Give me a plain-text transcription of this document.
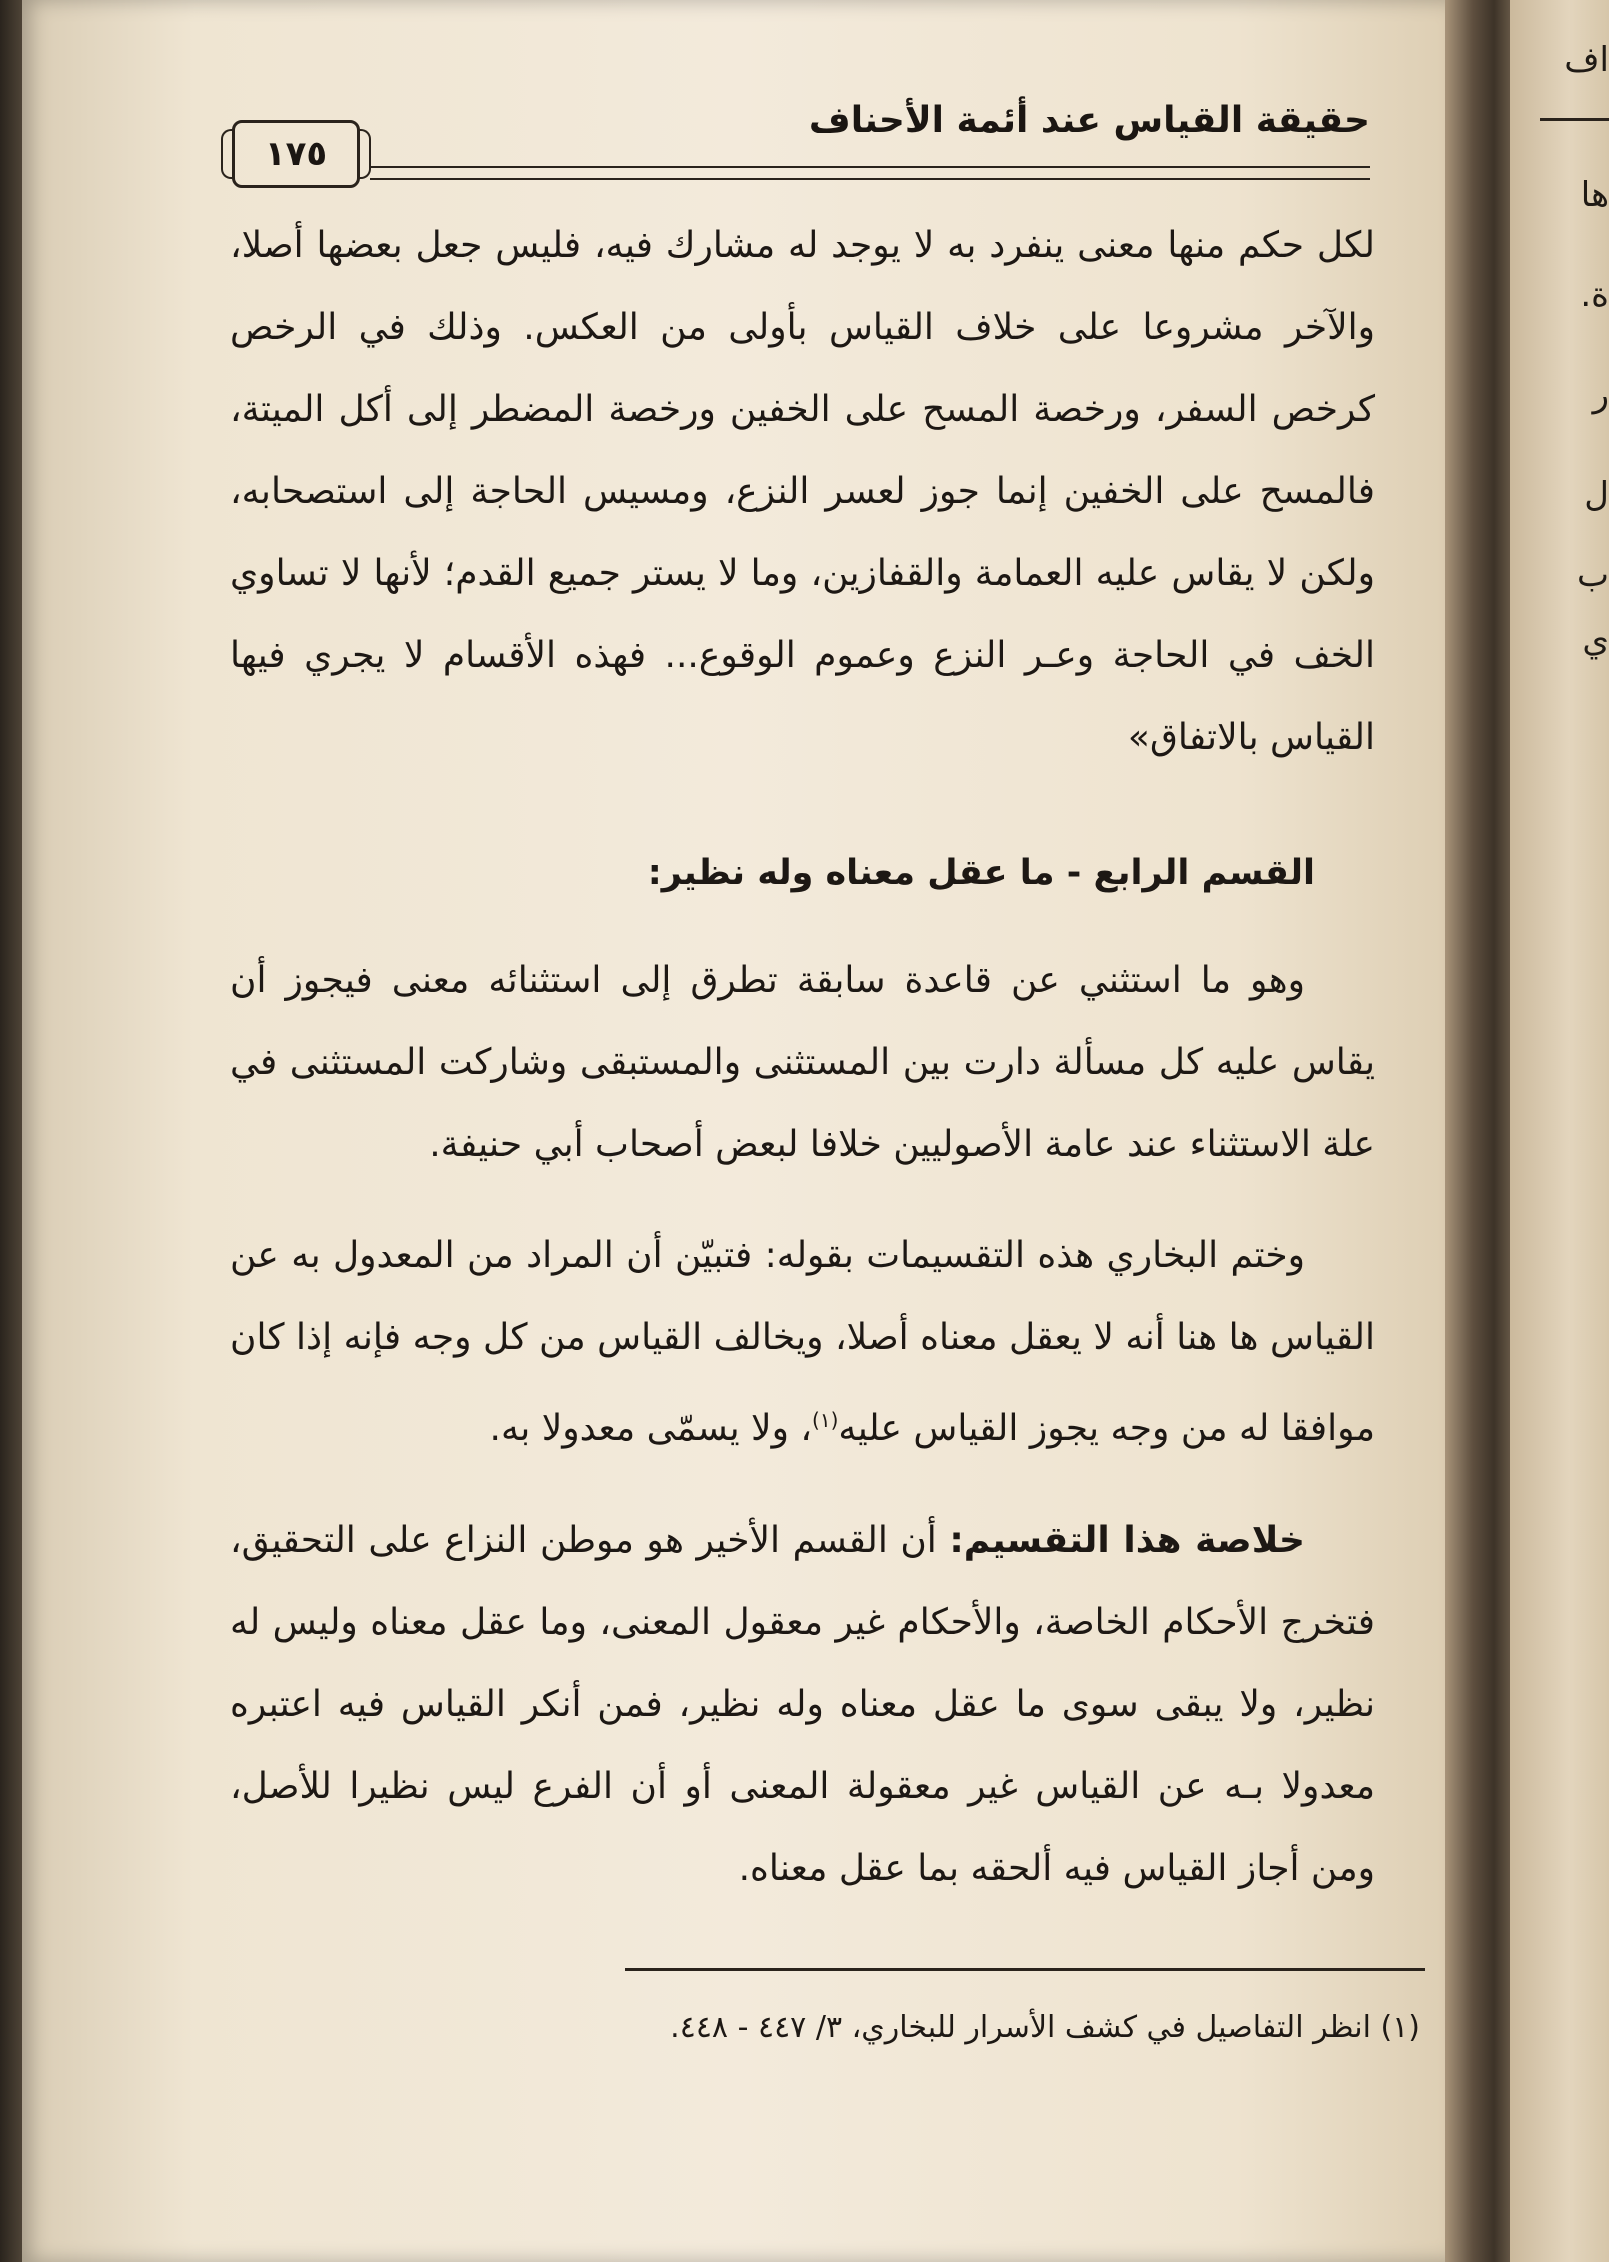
اف
ها
ة.
ر
ل
ب
ي
حقيقة القياس عند أئمة الأحناف
١٧٥

لكل حكم منها معنى ينفرد به لا يوجد له مشارك فيه، فليس جعل بعضها أصلا، والآخر مشروعا على خلاف القياس بأولى من العكس. وذلك في الرخص كرخص السفر، ورخصة المسح على الخفين ورخصة المضطر إلى أكل الميتة، فالمسح على الخفين إنما جوز لعسر النزع، ومسيس الحاجة إلى استصحابه، ولكن لا يقاس عليه العمامة والقفازين، وما لا يستر جميع القدم؛ لأنها لا تساوي الخف في الحاجة وعـر النزع وعموم الوقوع... فهذه الأقسام لا يجري فيها القياس بالاتفاق»

القسم الرابع - ما عقل معناه وله نظير:

وهو ما استثني عن قاعدة سابقة تطرق إلى استثنائه معنى فيجوز أن يقاس عليه كل مسألة دارت بين المستثنى والمستبقى وشاركت المستثنى في علة الاستثناء عند عامة الأصوليين خلافا لبعض أصحاب أبي حنيفة.

وختم البخاري هذه التقسيمات بقوله: فتبيّن أن المراد من المعدول به عن القياس ها هنا أنه لا يعقل معناه أصلا، ويخالف القياس من كل وجه فإنه إذا كان موافقا له من وجه يجوز القياس عليه$^{(١)}$، ولا يسمّى معدولا به.

خلاصة هذا التقسيم: أن القسم الأخير هو موطن النزاع على التحقيق، فتخرج الأحكام الخاصة، والأحكام غير معقول المعنى، وما عقل معناه وليس له نظير، ولا يبقى سوى ما عقل معناه وله نظير، فمن أنكر القياس فيه اعتبره معدولا بـه عن القياس غير معقولة المعنى أو أن الفرع ليس نظيرا للأصل، ومن أجاز القياس فيه ألحقه بما عقل معناه.

(١) انظر التفاصيل في كشف الأسرار للبخاري، ٣/ ٤٤٧ - ٤٤٨.
